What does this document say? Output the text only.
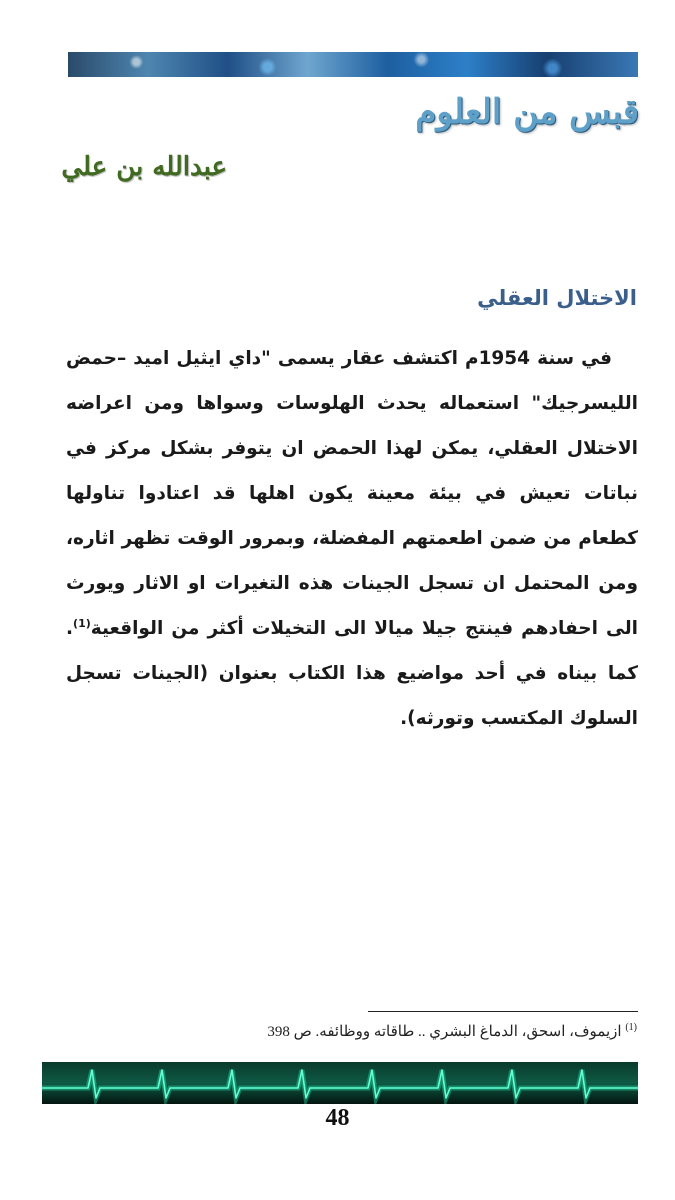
قبس من العلوم
عبدالله بن علي
الاختلال العقلي

في سنة 1954م اكتشف عقار يسمى "داي ايثيل اميد –حمض الليسرجيك" استعماله يحدث الهلوسات وسواها ومن اعراضه الاختلال العقلي، يمكن لهذا الحمض ان يتوفر بشكل مركز في نباتات تعيش في بيئة معينة يكون اهلها قد اعتادوا تناولها كطعام من ضمن اطعمتهم المفضلة، وبمرور الوقت تظهر اثاره، ومن المحتمل ان تسجل الجينات هذه التغيرات او الاثار ويورث الى احفادهم فينتج جيلا ميالا الى التخيلات أكثر من الواقعية$^{(1)}$. كما بيناه في أحد مواضيع هذا الكتاب بعنوان (الجينات تسجل السلوك المكتسب وتورثه).

$^{(1)}$ ازيموف، اسحق، الدماغ البشري .. طاقاته ووظائفه. ص 398

48
